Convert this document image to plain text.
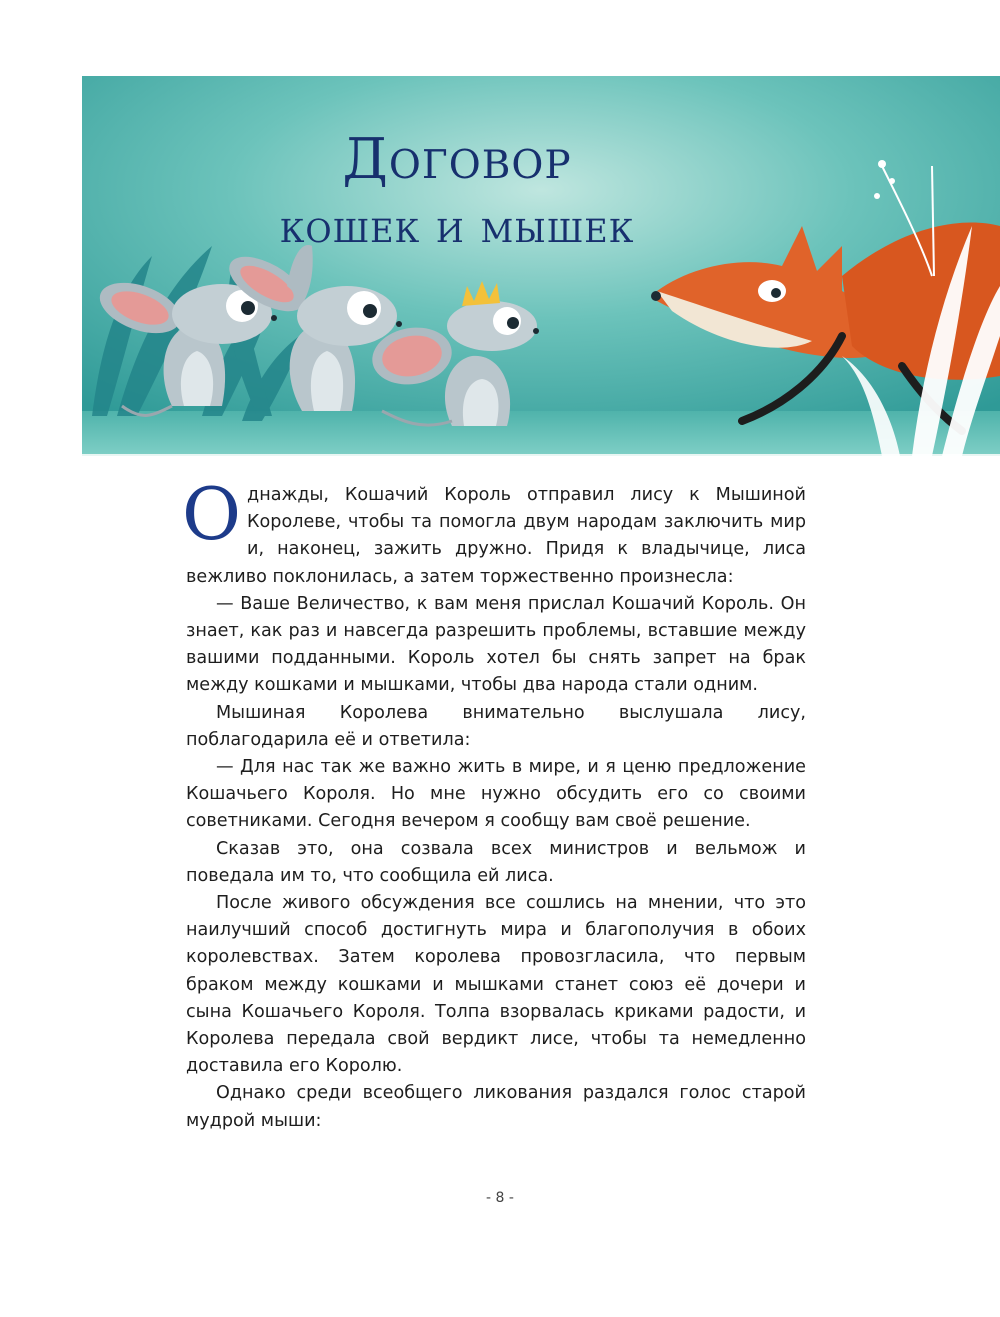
Договор
кошек и мышек

Однажды, Кошачий Король отправил лису к Мышиной Королеве, чтобы та помогла двум народам заключить мир и, наконец, зажить дружно. Придя к владычице, лиса вежливо поклонилась, а затем торжественно произнесла:

— Ваше Величество, к вам меня прислал Кошачий Король. Он знает, как раз и навсегда разрешить проблемы, вставшие между вашими подданными. Король хотел бы снять запрет на брак между кошками и мышками, чтобы два народа стали одним.

Мышиная Королева внимательно выслушала лису, поблагодарила её и ответила:

— Для нас так же важно жить в мире, и я ценю предложение Кошачьего Короля. Но мне нужно обсудить его со своими советниками. Сегодня вечером я сообщу вам своё решение.

Сказав это, она созвала всех министров и вельмож и поведала им то, что сообщила ей лиса.

После живого обсуждения все сошлись на мнении, что это наилучший способ достигнуть мира и благополучия в обоих королевствах. Затем королева провозгласила, что первым браком между кошками и мышками станет союз её дочери и сына Кошачьего Короля. Толпа взорвалась криками радости, и Королева передала свой вердикт лисе, чтобы та немедленно доставила его Королю.

Однако среди всеобщего ликования раздался голос старой мудрой мыши:

- 8 -
